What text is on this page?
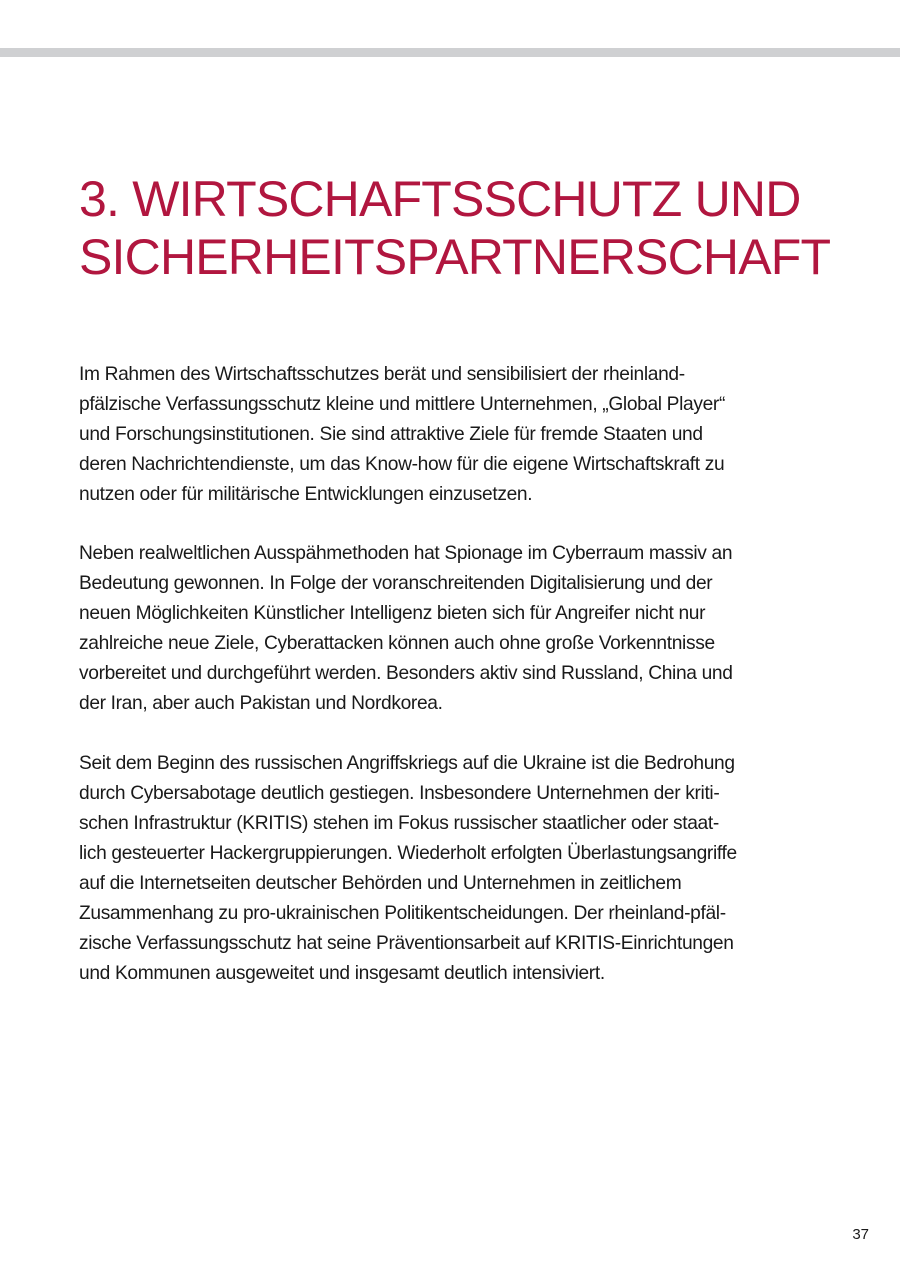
3. WIRTSCHAFTSSCHUTZ UND
SICHERHEITSPARTNERSCHAFT

Im Rahmen des Wirtschaftsschutzes berät und sensibilisiert der rheinland-
pfälzische Verfassungsschutz kleine und mittlere Unternehmen, „Global Player“
und Forschungsinstitutionen. Sie sind attraktive Ziele für fremde Staaten und
deren Nachrichtendienste, um das Know-how für die eigene Wirtschaftskraft zu
nutzen oder für militärische Entwicklungen einzusetzen.

Neben realweltlichen Ausspähmethoden hat Spionage im Cyberraum massiv an
Bedeutung gewonnen. In Folge der voranschreitenden Digitalisierung und der
neuen Möglichkeiten Künstlicher Intelligenz bieten sich für Angreifer nicht nur
zahlreiche neue Ziele, Cyberattacken können auch ohne große Vorkenntnisse
vorbereitet und durchgeführt werden. Besonders aktiv sind Russland, China und
der Iran, aber auch Pakistan und Nordkorea.

Seit dem Beginn des russischen Angriffskriegs auf die Ukraine ist die Bedrohung
durch Cybersabotage deutlich gestiegen. Insbesondere Unternehmen der kriti-
schen Infrastruktur (KRITIS) stehen im Fokus russischer staatlicher oder staat-
lich gesteuerter Hackergruppierungen. Wiederholt erfolgten Überlastungsangriffe
auf die Internetseiten deutscher Behörden und Unternehmen in zeitlichem
Zusammenhang zu pro-ukrainischen Politikentscheidungen. Der rheinland-pfäl-
zische Verfassungsschutz hat seine Präventionsarbeit auf KRITIS-Einrichtungen
und Kommunen ausgeweitet und insgesamt deutlich intensiviert.

37
